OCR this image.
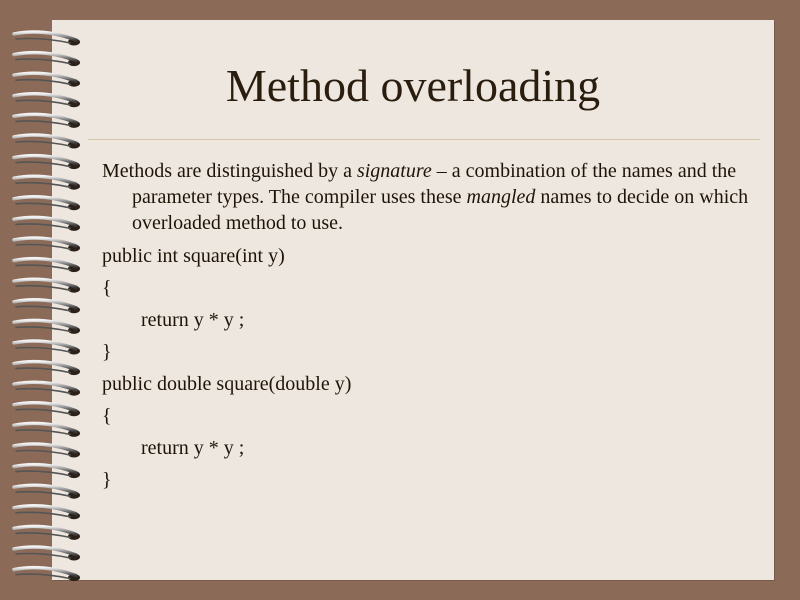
Method overloading

Methods are distinguished by a signature – a combination of the names and the parameter types. The compiler uses these mangled names to decide on which overloaded method to use.

public int square(int y)
{
return y * y ;
}
public double square(double y)
{
return y * y ;
}
